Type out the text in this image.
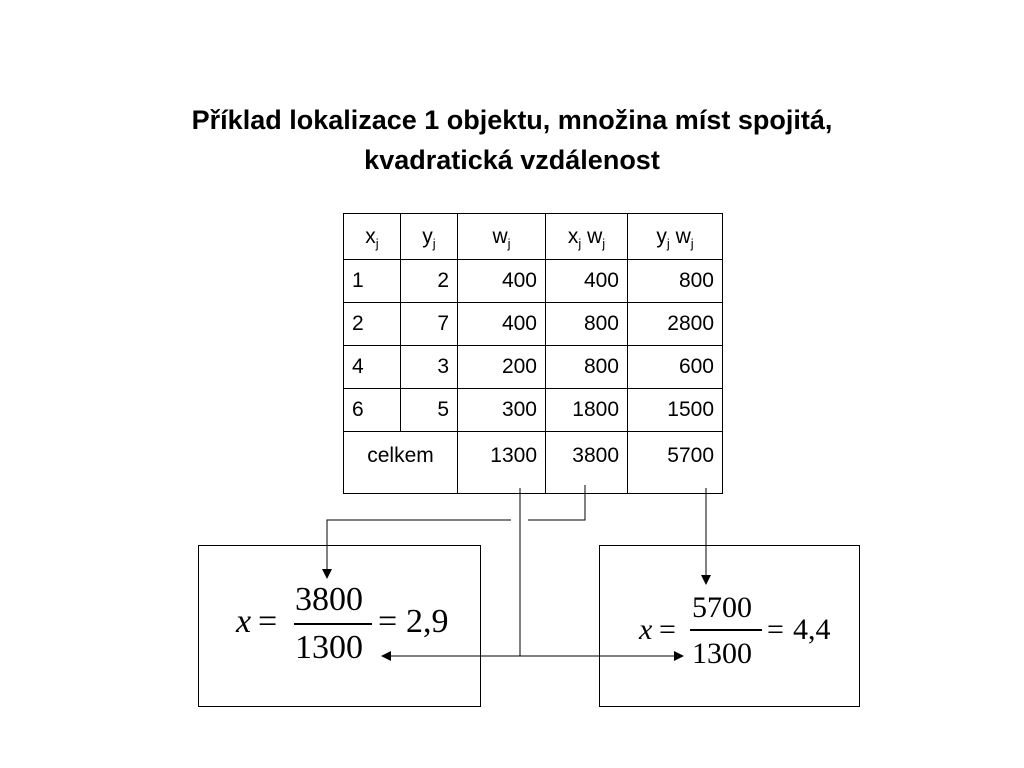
Příklad lokalizace 1 objektu, množina míst spojitá,
kvadratická vzdálenost
$x_j$	$y_j$	$w_j$	$x_j$ $w_j$	$y_j$ $w_j$
1	2	400	400	800
2	7	400	800	2800
4	3	200	800	600
6	5	300	1800	1500
celkem		1300	3800	5700
x =
3800
1300
= 2,9	x =
5700
1300
= 4,4
